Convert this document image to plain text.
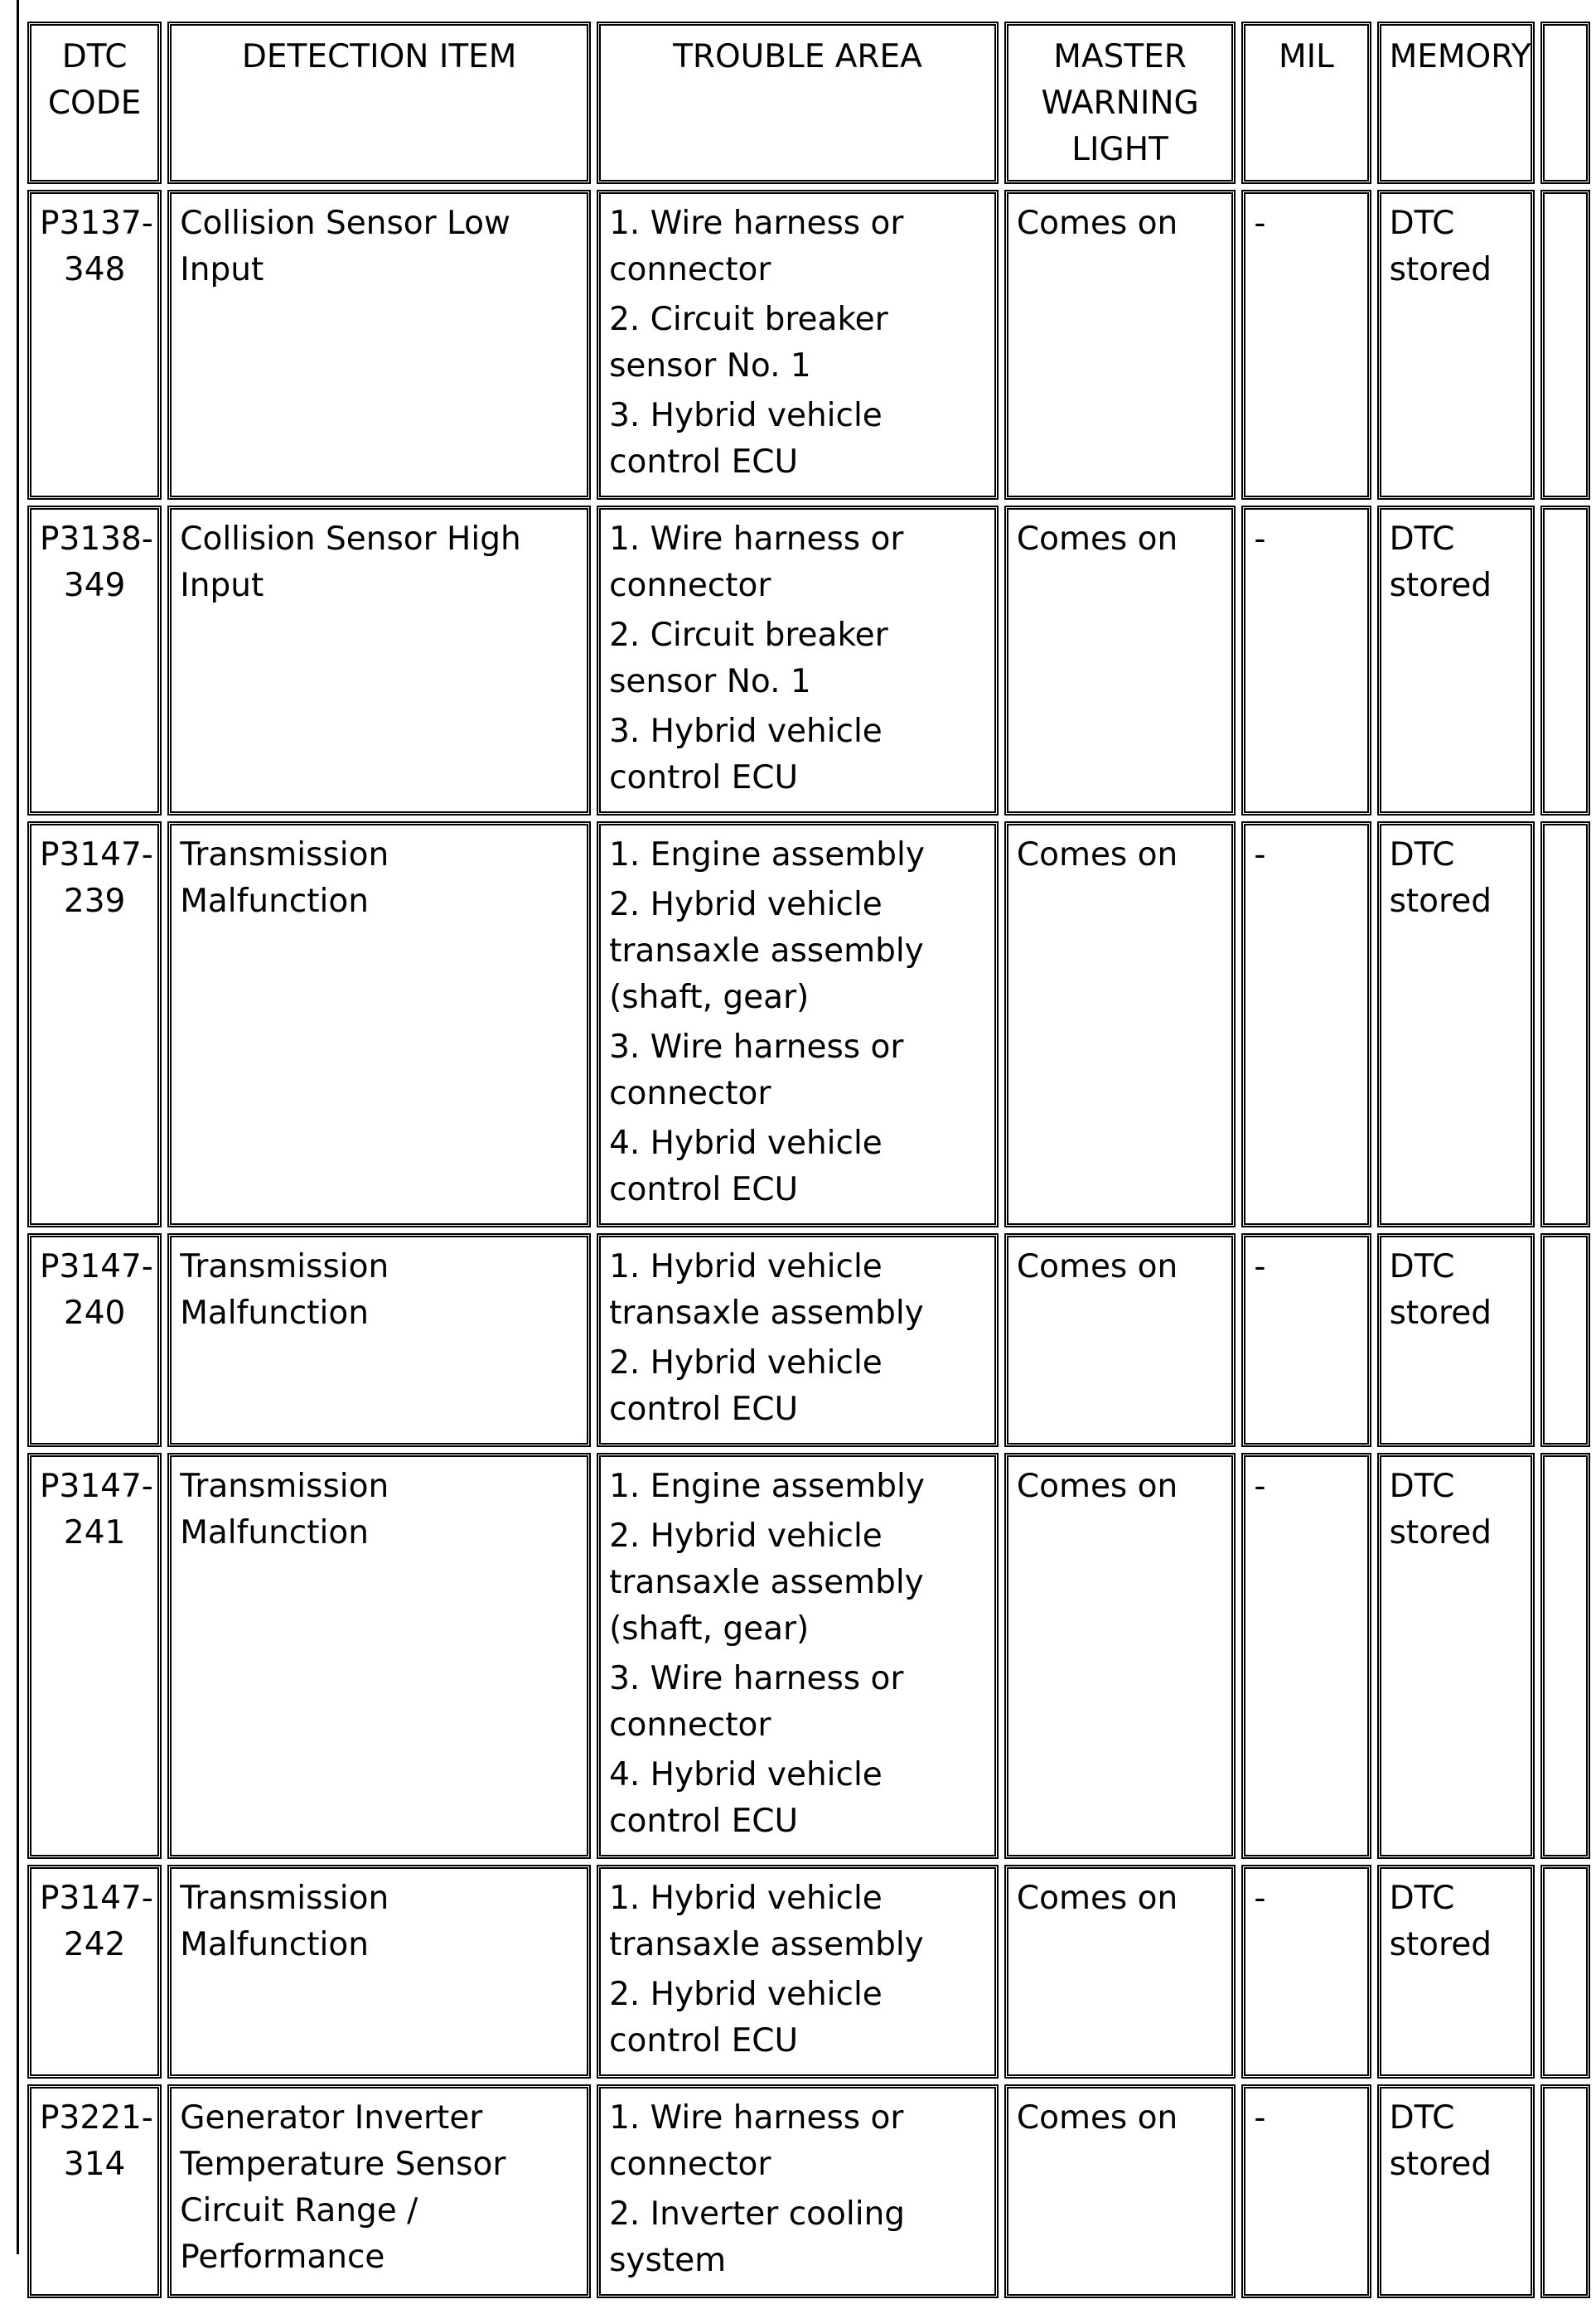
DTC CODE	DETECTION ITEM	TROUBLE AREA	MASTER WARNING LIGHT	MIL	MEMORY	
P3137-348	Collision Sensor Low Input	1. Wire harness or connector
2. Circuit breaker sensor No. 1
3. Hybrid vehicle control ECU	Comes on	-	DTC stored	
P3138-349	Collision Sensor High Input	1. Wire harness or connector
2. Circuit breaker sensor No. 1
3. Hybrid vehicle control ECU	Comes on	-	DTC stored	
P3147-239	Transmission Malfunction	1. Engine assembly
2. Hybrid vehicle transaxle assembly (shaft, gear)
3. Wire harness or connector
4. Hybrid vehicle control ECU	Comes on	-	DTC stored	
P3147-240	Transmission Malfunction	1. Hybrid vehicle transaxle assembly
2. Hybrid vehicle control ECU	Comes on	-	DTC stored	
P3147-241	Transmission Malfunction	1. Engine assembly
2. Hybrid vehicle transaxle assembly (shaft, gear)
3. Wire harness or connector
4. Hybrid vehicle control ECU	Comes on	-	DTC stored	
P3147-242	Transmission Malfunction	1. Hybrid vehicle transaxle assembly
2. Hybrid vehicle control ECU	Comes on	-	DTC stored	
P3221-314	Generator Inverter Temperature Sensor Circuit Range / Performance	1. Wire harness or connector
2. Inverter cooling system	Comes on	-	DTC stored	
